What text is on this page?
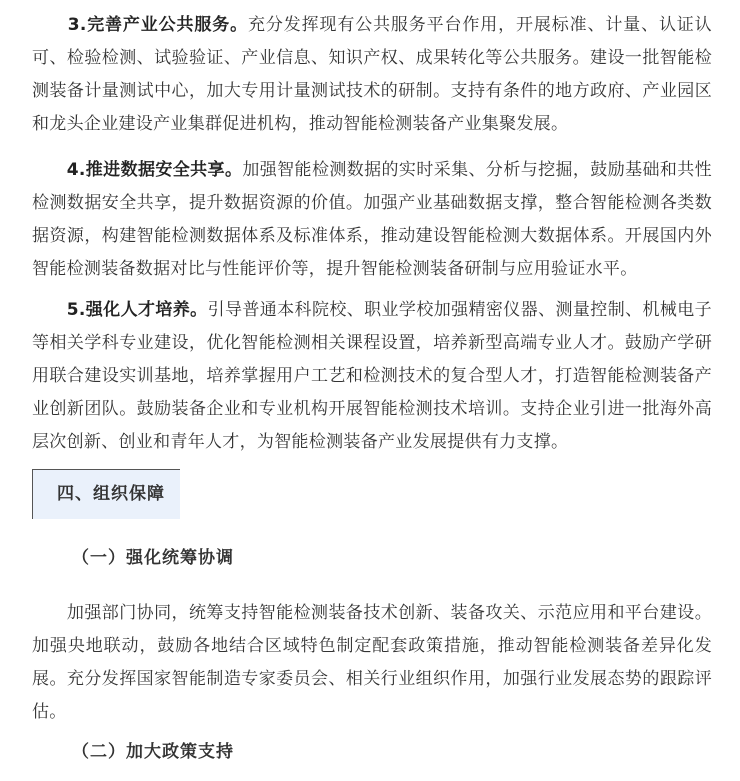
　　3.完善产业公共服务。充分发挥现有公共服务平台作用，开展标准、计量、认证认可、检验检测、试验验证、产业信息、知识产权、成果转化等公共服务。建设一批智能检测装备计量测试中心，加大专用计量测试技术的研制。支持有条件的地方政府、产业园区和龙头企业建设产业集群促进机构，推动智能检测装备产业集聚发展。

　　4.推进数据安全共享。加强智能检测数据的实时采集、分析与挖掘，鼓励基础和共性检测数据安全共享，提升数据资源的价值。加强产业基础数据支撑，整合智能检测各类数据资源，构建智能检测数据体系及标准体系，推动建设智能检测大数据体系。开展国内外智能检测装备数据对比与性能评价等，提升智能检测装备研制与应用验证水平。

　　5.强化人才培养。引导普通本科院校、职业学校加强精密仪器、测量控制、机械电子等相关学科专业建设，优化智能检测相关课程设置，培养新型高端专业人才。鼓励产学研用联合建设实训基地，培养掌握用户工艺和检测技术的复合型人才，打造智能检测装备产业创新团队。鼓励装备企业和专业机构开展智能检测技术培训。支持企业引进一批海外高层次创新、创业和青年人才，为智能检测装备产业发展提供有力支撑。

四、组织保障
（一）强化统筹协调

　　加强部门协同，统筹支持智能检测装备技术创新、装备攻关、示范应用和平台建设。加强央地联动，鼓励各地结合区域特色制定配套政策措施，推动智能检测装备差异化发展。充分发挥国家智能制造专家委员会、相关行业组织作用，加强行业发展态势的跟踪评估。

（二）加大政策支持
